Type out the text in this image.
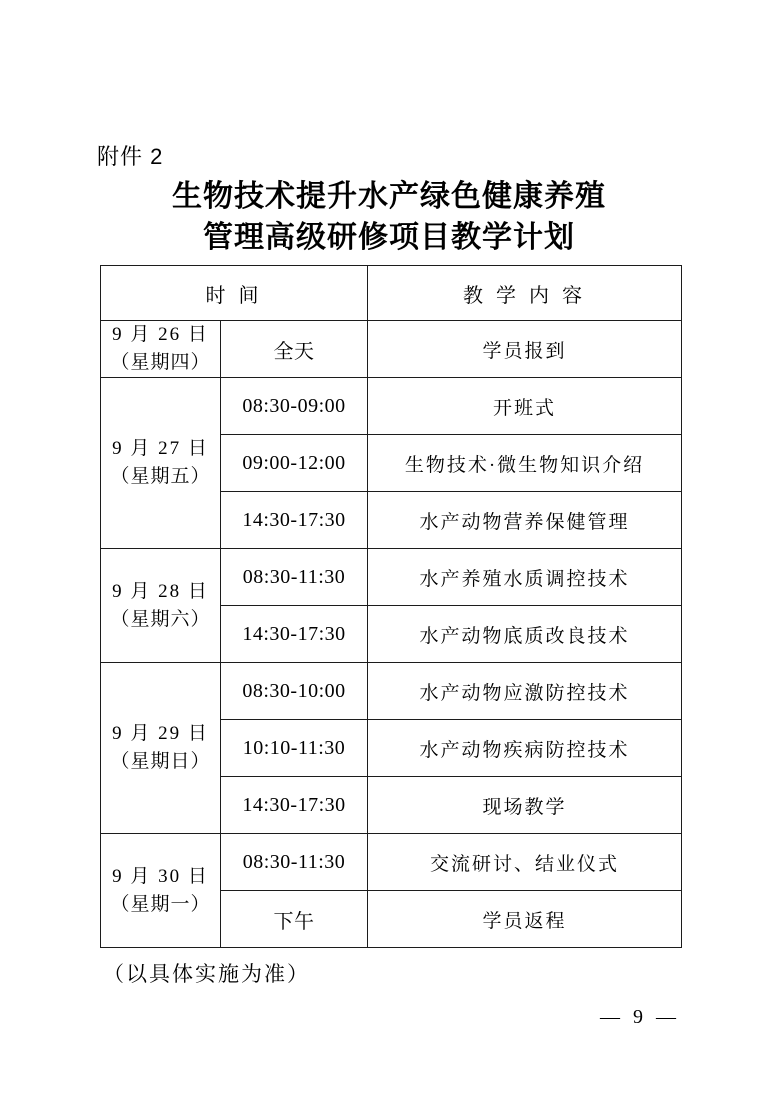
附件 2
生物技术提升水产绿色健康养殖
管理高级研修项目教学计划
时 间		教 学 内 容

9 月 26 日
（星期四）	全天	学员报到

9 月 27 日
（星期五）	08:30-09:00	开班式
	09:00-12:00	生物技术·微生物知识介绍
	14:30-17:30	水产动物营养保健管理

9 月 28 日
（星期六）	08:30-11:30	水产养殖水质调控技术
	14:30-17:30	水产动物底质改良技术

9 月 29 日
（星期日）	08:30-10:00	水产动物应激防控技术
	10:10-11:30	水产动物疾病防控技术
	14:30-17:30	现场教学

9 月 30 日
（星期一）	08:30-11:30	交流研讨、结业仪式
	下午	学员返程
（以具体实施为准）
— 9 —
